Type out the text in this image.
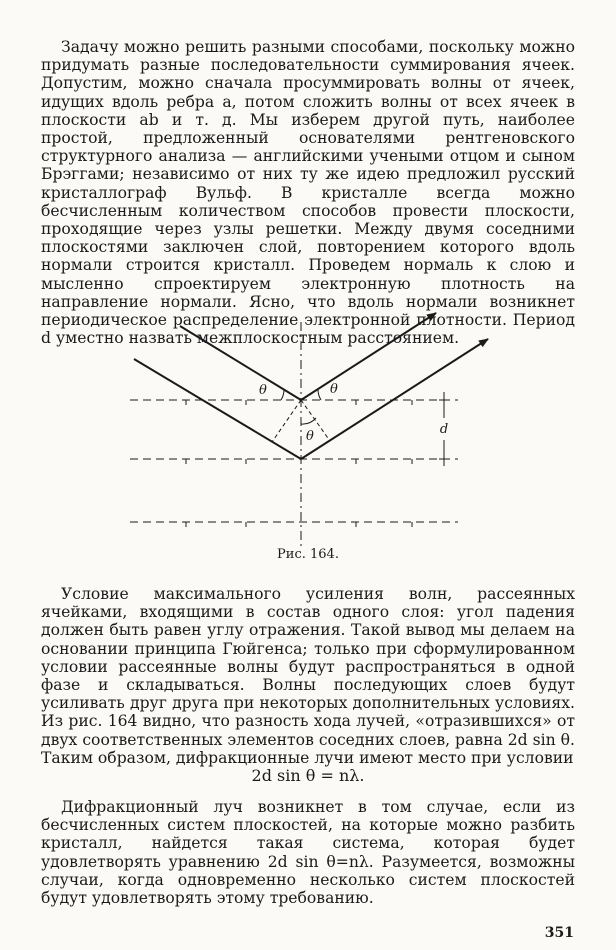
Задачу можно решить разными способами, поскольку можно придумать разные последовательности суммирования ячеек. Допустим, можно сначала просуммировать волны от ячеек, идущих вдоль ребра a, потом сложить волны от всех ячеек в плоскости ab и т. д. Мы изберем другой путь, наиболее простой, предложенный основателями рентгеновского структурного анализа — английскими учеными отцом и сыном Брэггами; независимо от них ту же идею предложил русский кристаллограф Вульф. В кристалле всегда можно бесчисленным количеством способов провести плоскости, проходящие через узлы решетки. Между двумя соседними плоскостями заключен слой, повторением которого вдоль нормали строится кристалл. Проведем нормаль к слою и мысленно спроектируем электронную плотность на направление нормали. Ясно, что вдоль нормали возникнет периодическое распределение электронной плотности. Период d уместно назвать межплоскостным расстоянием.

θ	θ
θ	d

Рис. 164.

Условие максимального усиления волн, рассеянных ячейками, входящими в состав одного слоя: угол падения должен быть равен углу отражения. Такой вывод мы делаем на основании принципа Гюйгенса; только при сформулированном условии рассеянные волны будут распространяться в одной фазе и складываться. Волны последующих слоев будут усиливать друг друга при некоторых дополнительных условиях. Из рис. 164 видно, что разность хода лучей, «отразившихся» от двух соответственных элементов соседних слоев, равна 2d sin θ. Таким образом, дифракционные лучи имеют место при условии

2d sin θ = nλ.

Дифракционный луч возникнет в том случае, если из бесчисленных систем плоскостей, на которые можно разбить кристалл, найдется такая система, которая будет удовлетворять уравнению 2d sin θ=nλ. Разумеется, возможны случаи, когда одновременно несколько систем плоскостей будут удовлетворять этому требованию.

351
